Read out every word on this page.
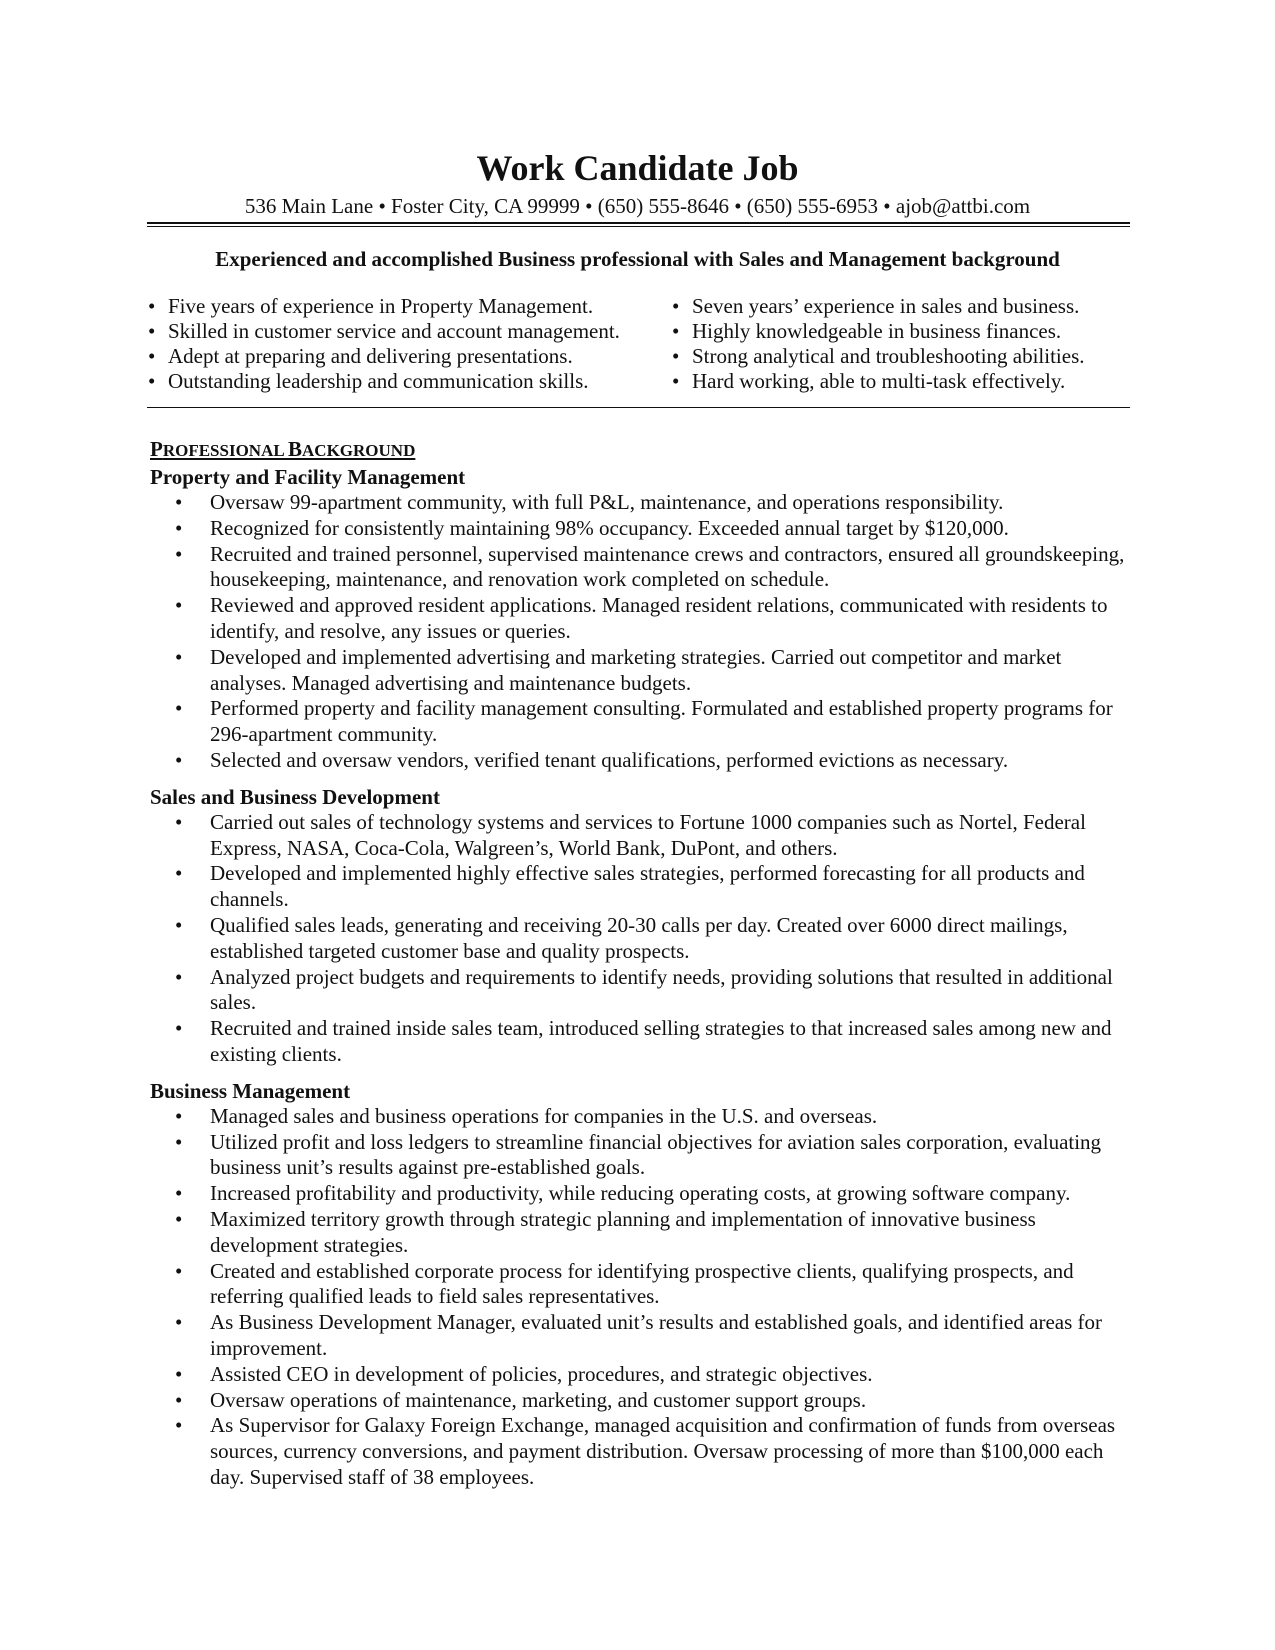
Work Candidate Job
536 Main Lane • Foster City, CA 99999 • (650) 555-8646 • (650) 555-6953 • ajob@attbi.com
Experienced and accomplished Business professional with Sales and Management background
• Five years of experience in Property Management.
• Skilled in customer service and account management.
• Adept at preparing and delivering presentations.
• Outstanding leadership and communication skills.
• Seven years’ experience in sales and business.
• Highly knowledgeable in business finances.
• Strong analytical and troubleshooting abilities.
• Hard working, able to multi-task effectively.
PROFESSIONAL BACKGROUND
Property and Facility Management
• Oversaw 99-apartment community, with full P&L, maintenance, and operations responsibility.
• Recognized for consistently maintaining 98% occupancy. Exceeded annual target by $120,000.
• Recruited and trained personnel, supervised maintenance crews and contractors, ensured all groundskeeping, housekeeping, maintenance, and renovation work completed on schedule.
• Reviewed and approved resident applications. Managed resident relations, communicated with residents to identify, and resolve, any issues or queries.
• Developed and implemented advertising and marketing strategies. Carried out competitor and market analyses. Managed advertising and maintenance budgets.
• Performed property and facility management consulting. Formulated and established property programs for 296-apartment community.
• Selected and oversaw vendors, verified tenant qualifications, performed evictions as necessary.
Sales and Business Development
• Carried out sales of technology systems and services to Fortune 1000 companies such as Nortel, Federal Express, NASA, Coca-Cola, Walgreen’s, World Bank, DuPont, and others.
• Developed and implemented highly effective sales strategies, performed forecasting for all products and channels.
• Qualified sales leads, generating and receiving 20-30 calls per day. Created over 6000 direct mailings, established targeted customer base and quality prospects.
• Analyzed project budgets and requirements to identify needs, providing solutions that resulted in additional sales.
• Recruited and trained inside sales team, introduced selling strategies to that increased sales among new and existing clients.
Business Management
• Managed sales and business operations for companies in the U.S. and overseas.
• Utilized profit and loss ledgers to streamline financial objectives for aviation sales corporation, evaluating business unit’s results against pre-established goals.
• Increased profitability and productivity, while reducing operating costs, at growing software company.
• Maximized territory growth through strategic planning and implementation of innovative business development strategies.
• Created and established corporate process for identifying prospective clients, qualifying prospects, and referring qualified leads to field sales representatives.
• As Business Development Manager, evaluated unit’s results and established goals, and identified areas for improvement.
• Assisted CEO in development of policies, procedures, and strategic objectives.
• Oversaw operations of maintenance, marketing, and customer support groups.
• As Supervisor for Galaxy Foreign Exchange, managed acquisition and confirmation of funds from overseas sources, currency conversions, and payment distribution. Oversaw processing of more than $100,000 each day. Supervised staff of 38 employees.
